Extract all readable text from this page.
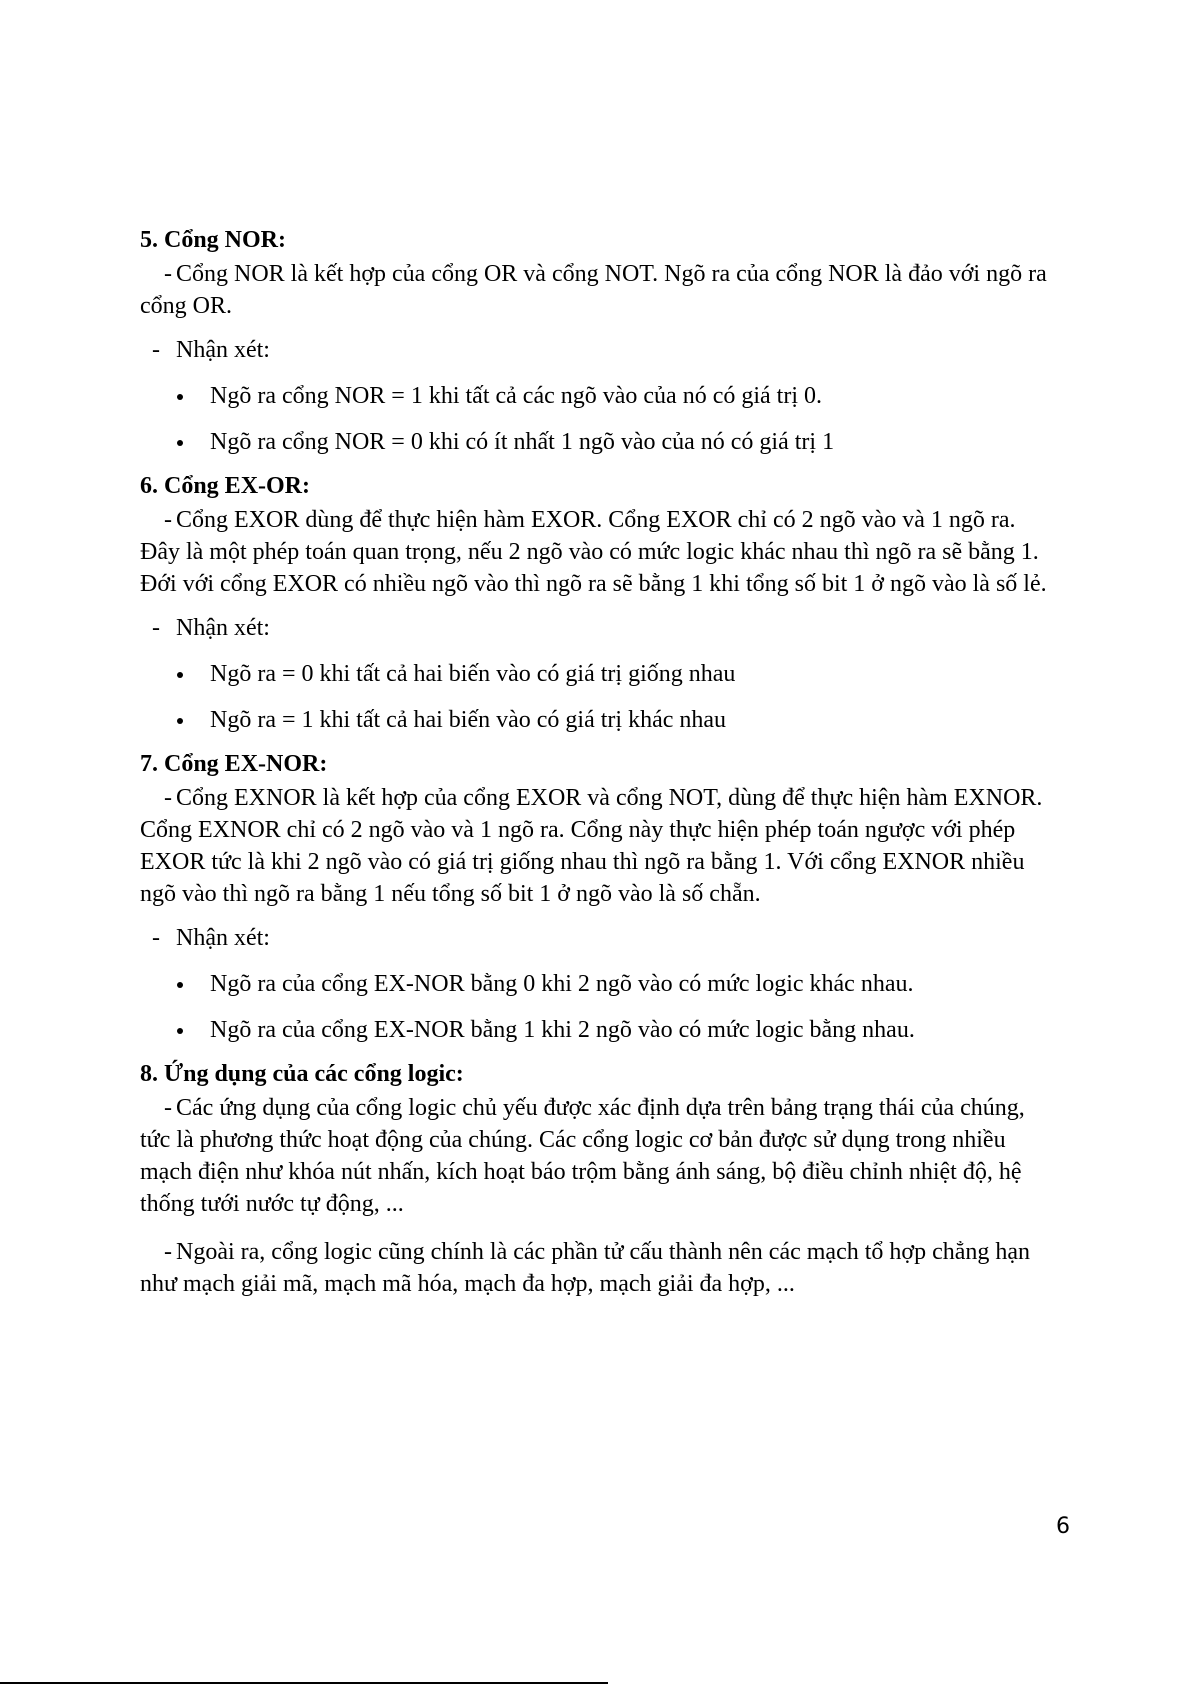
5. Cổng NOR:

- Cổng NOR là kết hợp của cổng OR và cổng NOT. Ngõ ra của cổng NOR là đảo với ngõ ra cổng OR.

- Nhận xét:

Ngõ ra cổng NOR = 1 khi tất cả các ngõ vào của nó có giá trị 0.
Ngõ ra cổng NOR = 0 khi có ít nhất 1 ngõ vào của nó có giá trị 1
6. Cổng EX-OR:

- Cổng EXOR dùng để thực hiện hàm EXOR. Cổng EXOR chỉ có 2 ngõ vào và 1 ngõ ra. Đây là một phép toán quan trọng, nếu 2 ngõ vào có mức logic khác nhau thì ngõ ra sẽ bằng 1. Đới với cổng EXOR có nhiều ngõ vào thì ngõ ra sẽ bằng 1 khi tổng số bit 1 ở ngõ vào là số lẻ.

- Nhận xét:

Ngõ ra = 0 khi tất cả hai biến vào có giá trị giống nhau
Ngõ ra = 1 khi tất cả hai biến vào có giá trị khác nhau
7. Cổng EX-NOR:

- Cổng EXNOR là kết hợp của cổng EXOR và cổng NOT, dùng để thực hiện hàm EXNOR. Cổng EXNOR chỉ có 2 ngõ vào và 1 ngõ ra. Cổng này thực hiện phép toán ngược với phép EXOR tức là khi 2 ngõ vào có giá trị giống nhau thì ngõ ra bằng 1. Với cổng EXNOR nhiều ngõ vào thì ngõ ra bằng 1 nếu tổng số bit 1 ở ngõ vào là số chẵn.

- Nhận xét:

Ngõ ra của cổng EX-NOR bằng 0 khi 2 ngõ vào có mức logic khác nhau.
Ngõ ra của cổng EX-NOR bằng 1 khi 2 ngõ vào có mức logic bằng nhau.
8. Ứng dụng của các cổng logic:

- Các ứng dụng của cổng logic chủ yếu được xác định dựa trên bảng trạng thái của chúng, tức là phương thức hoạt động của chúng. Các cổng logic cơ bản được sử dụng trong nhiều mạch điện như khóa nút nhấn, kích hoạt báo trộm bằng ánh sáng, bộ điều chỉnh nhiệt độ, hệ thống tưới nước tự động, ...

- Ngoài ra, cổng logic cũng chính là các phần tử cấu thành nên các mạch tổ hợp chẳng hạn như mạch giải mã, mạch mã hóa, mạch đa hợp, mạch giải đa hợp, ...

6
